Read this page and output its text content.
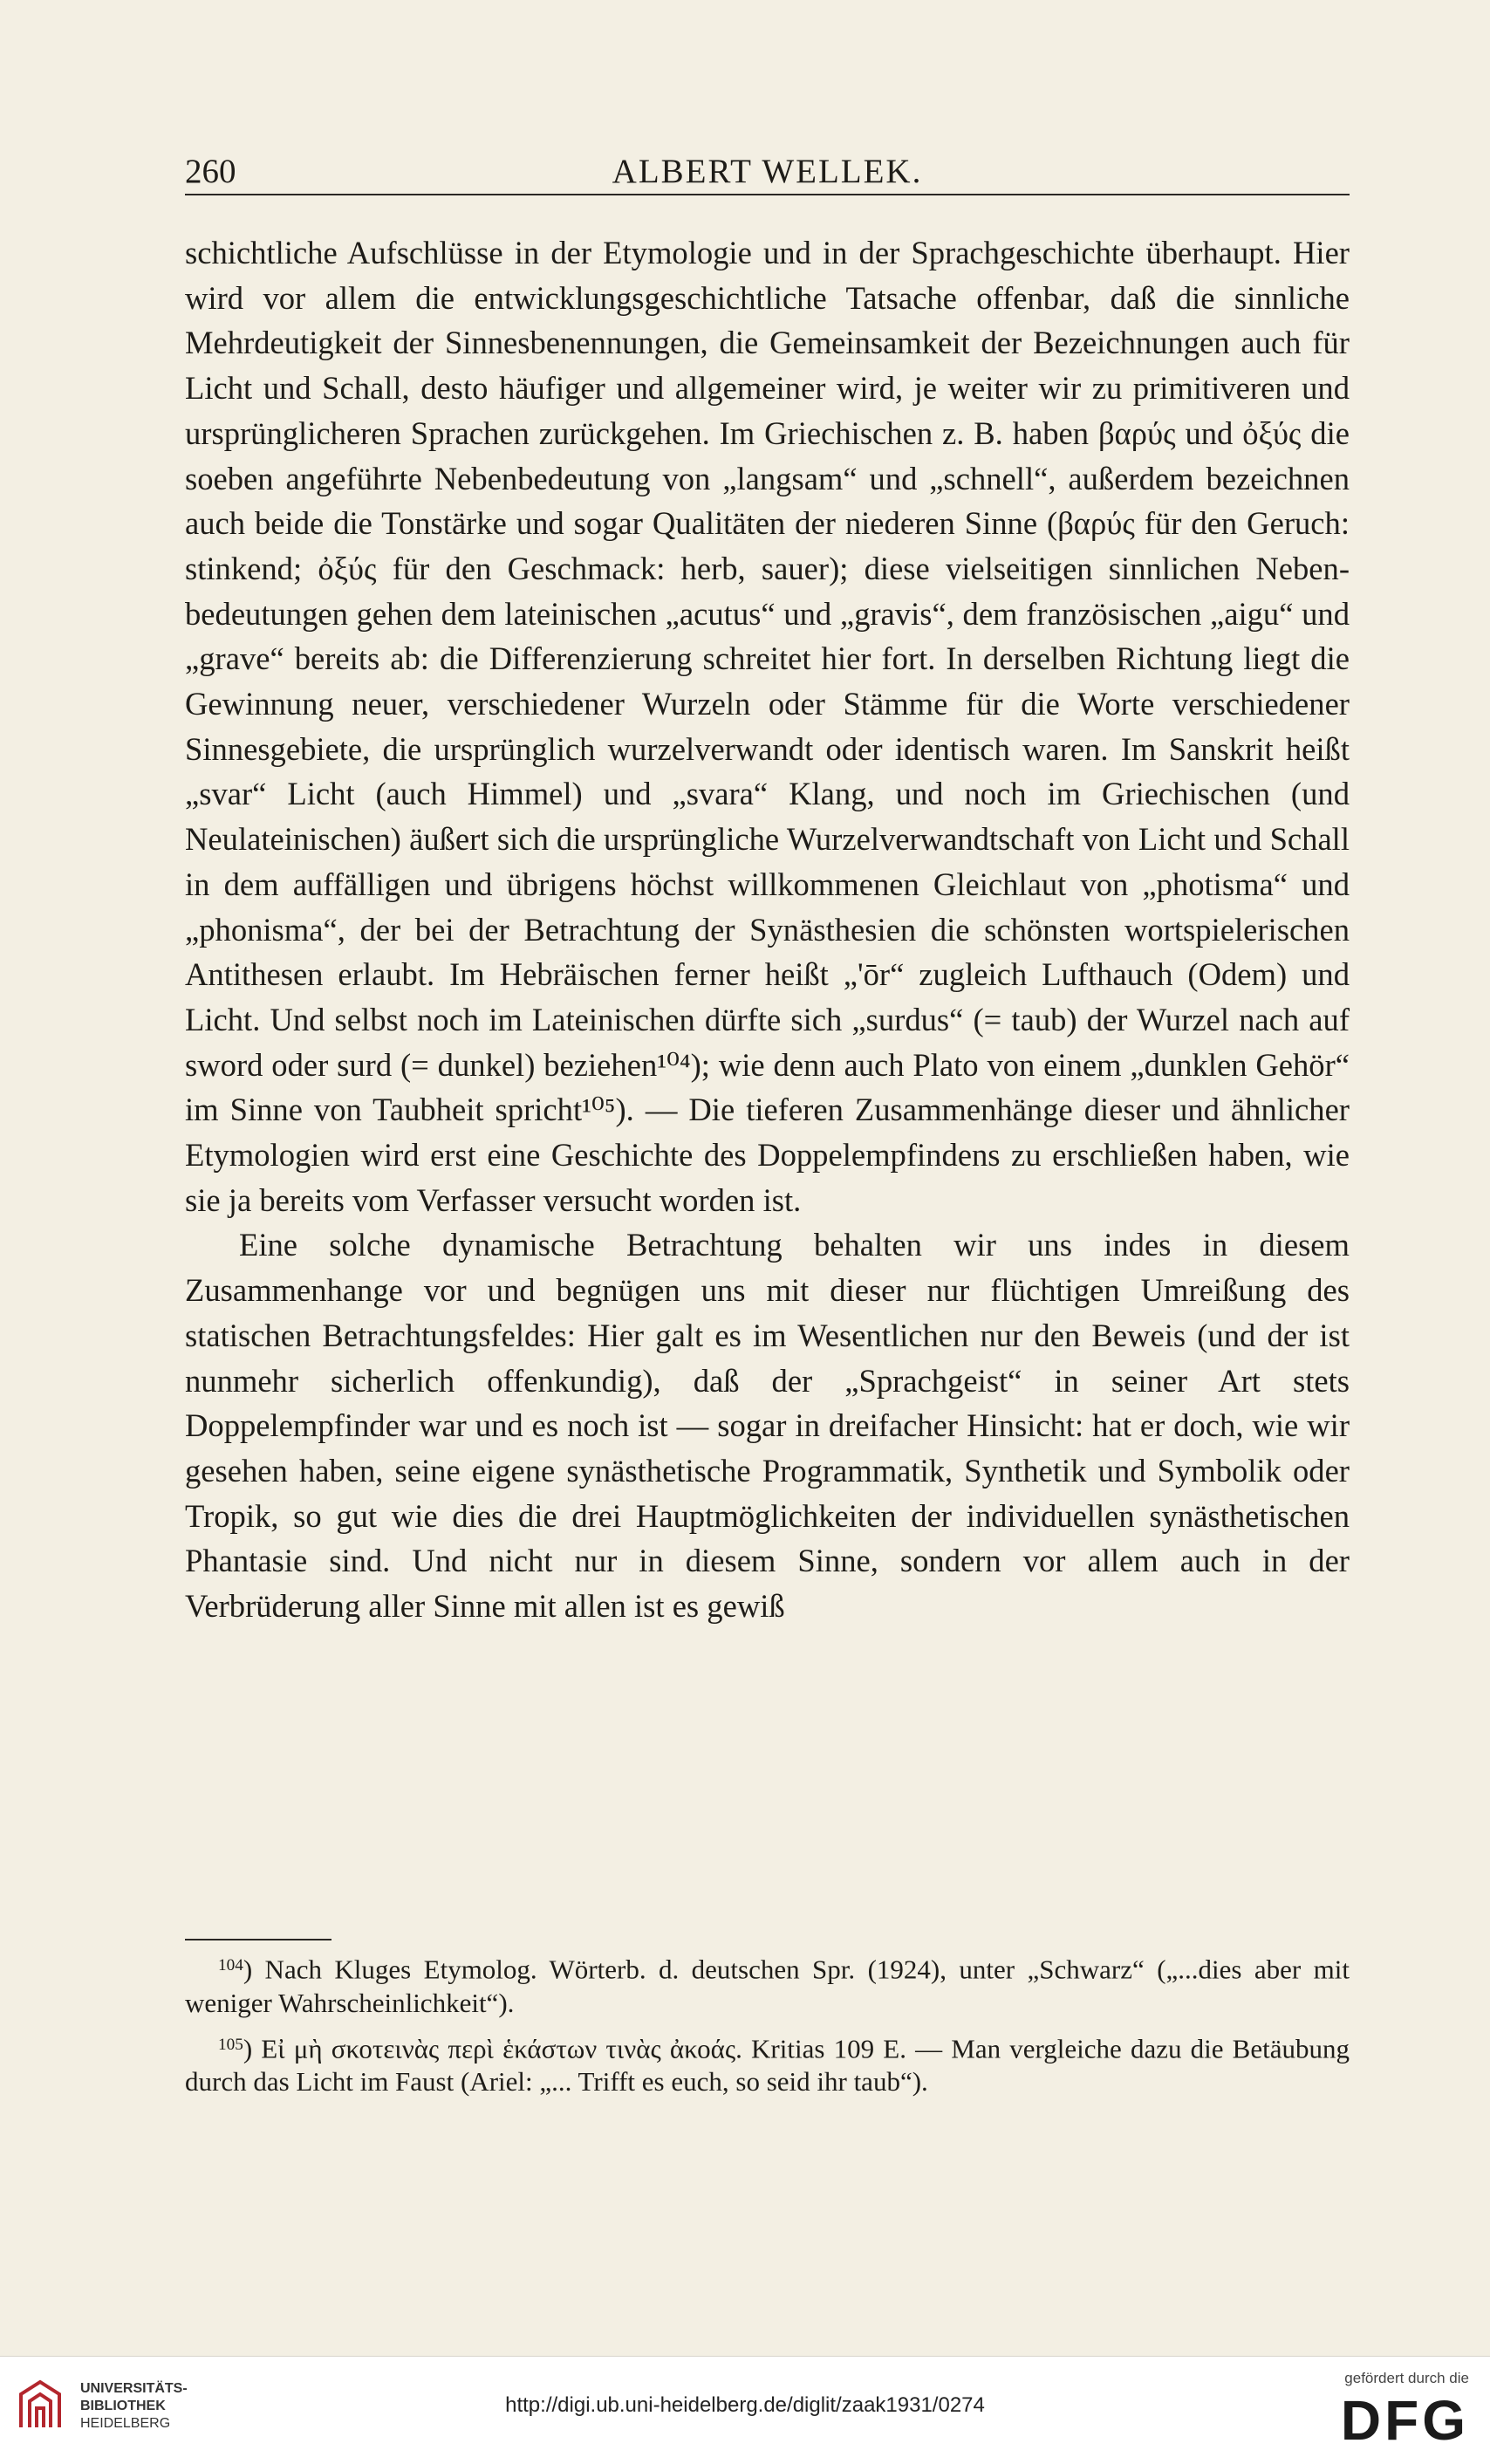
260	ALBERT WELLEK.

schichtliche Aufschlüsse in der Etymologie und in der Sprachgeschichte überhaupt. Hier wird vor allem die entwicklungsgeschichtliche Tatsache offenbar, daß die sinnliche Mehrdeutigkeit der Sinnesbenennungen, die Gemeinsamkeit der Bezeichnungen auch für Licht und Schall, desto häufiger und allgemeiner wird, je weiter wir zu primitiveren und ursprünglicheren Sprachen zurückgehen. Im Griechischen z. B. haben βαρύς und ὀξύς die soeben angeführte Nebenbedeutung von „langsam“ und „schnell“, außerdem bezeichnen auch beide die Tonstärke und sogar Qualitäten der niederen Sinne (βαρύς für den Geruch: stinkend; ὀξύς für den Geschmack: herb, sauer); diese vielseitigen sinnlichen Nebenbedeutungen gehen dem lateinischen „acutus“ und „gravis“, dem französischen „aigu“ und „grave“ bereits ab: die Differenzierung schreitet hier fort. In derselben Richtung liegt die Gewinnung neuer, verschiedener Wurzeln oder Stämme für die Worte verschiedener Sinnesgebiete, die ursprünglich wurzelverwandt oder identisch waren. Im Sanskrit heißt „svar“ Licht (auch Himmel) und „svara“ Klang, und noch im Griechischen (und Neulateinischen) äußert sich die ursprüngliche Wurzelverwandtschaft von Licht und Schall in dem auffälligen und übrigens höchst willkommenen Gleichlaut von „photisma“ und „phonisma“, der bei der Betrachtung der Synästhesien die schönsten wortspielerischen Antithesen erlaubt. Im Hebräischen ferner heißt „'ōr“ zugleich Lufthauch (Odem) und Licht. Und selbst noch im Lateinischen dürfte sich „surdus“ (= taub) der Wurzel nach auf sword oder surd (= dunkel) beziehen¹⁰⁴); wie denn auch Plato von einem „dunklen Gehör“ im Sinne von Taubheit spricht¹⁰⁵). — Die tieferen Zusammenhänge dieser und ähnlicher Etymologien wird erst eine Geschichte des Doppelempfindens zu erschließen haben, wie sie ja bereits vom Verfasser versucht worden ist.

Eine solche dynamische Betrachtung behalten wir uns indes in diesem Zusammenhange vor und begnügen uns mit dieser nur flüchtigen Umreißung des statischen Betrachtungsfeldes: Hier galt es im Wesentlichen nur den Beweis (und der ist nunmehr sicherlich offenkundig), daß der „Sprachgeist“ in seiner Art stets Doppelempfinder war und es noch ist — sogar in dreifacher Hinsicht: hat er doch, wie wir gesehen haben, seine eigene synästhetische Programmatik, Synthetik und Symbolik oder Tropik, so gut wie dies die drei Hauptmöglichkeiten der individuellen synästhetischen Phantasie sind. Und nicht nur in diesem Sinne, sondern vor allem auch in der Verbrüderung aller Sinne mit allen ist es gewiß

$^{104}$) Nach Kluges Etymolog. Wörterb. d. deutschen Spr. (1924), unter „Schwarz“ („...dies aber mit weniger Wahrscheinlichkeit“).

$^{105}$) Εἰ μὴ σκοτεινὰς περὶ ἑκάστων τινὰς ἀκοάς. Kritias 109 E. — Man vergleiche dazu die Betäubung durch das Licht im Faust (Ariel: „... Trifft es euch, so seid ihr taub“).

UNIVERSITÄTS-
BIBLIOTHEK
HEIDELBERG
http://digi.ub.uni-heidelberg.de/diglit/zaak1931/0274
gefördert durch die
DFG
